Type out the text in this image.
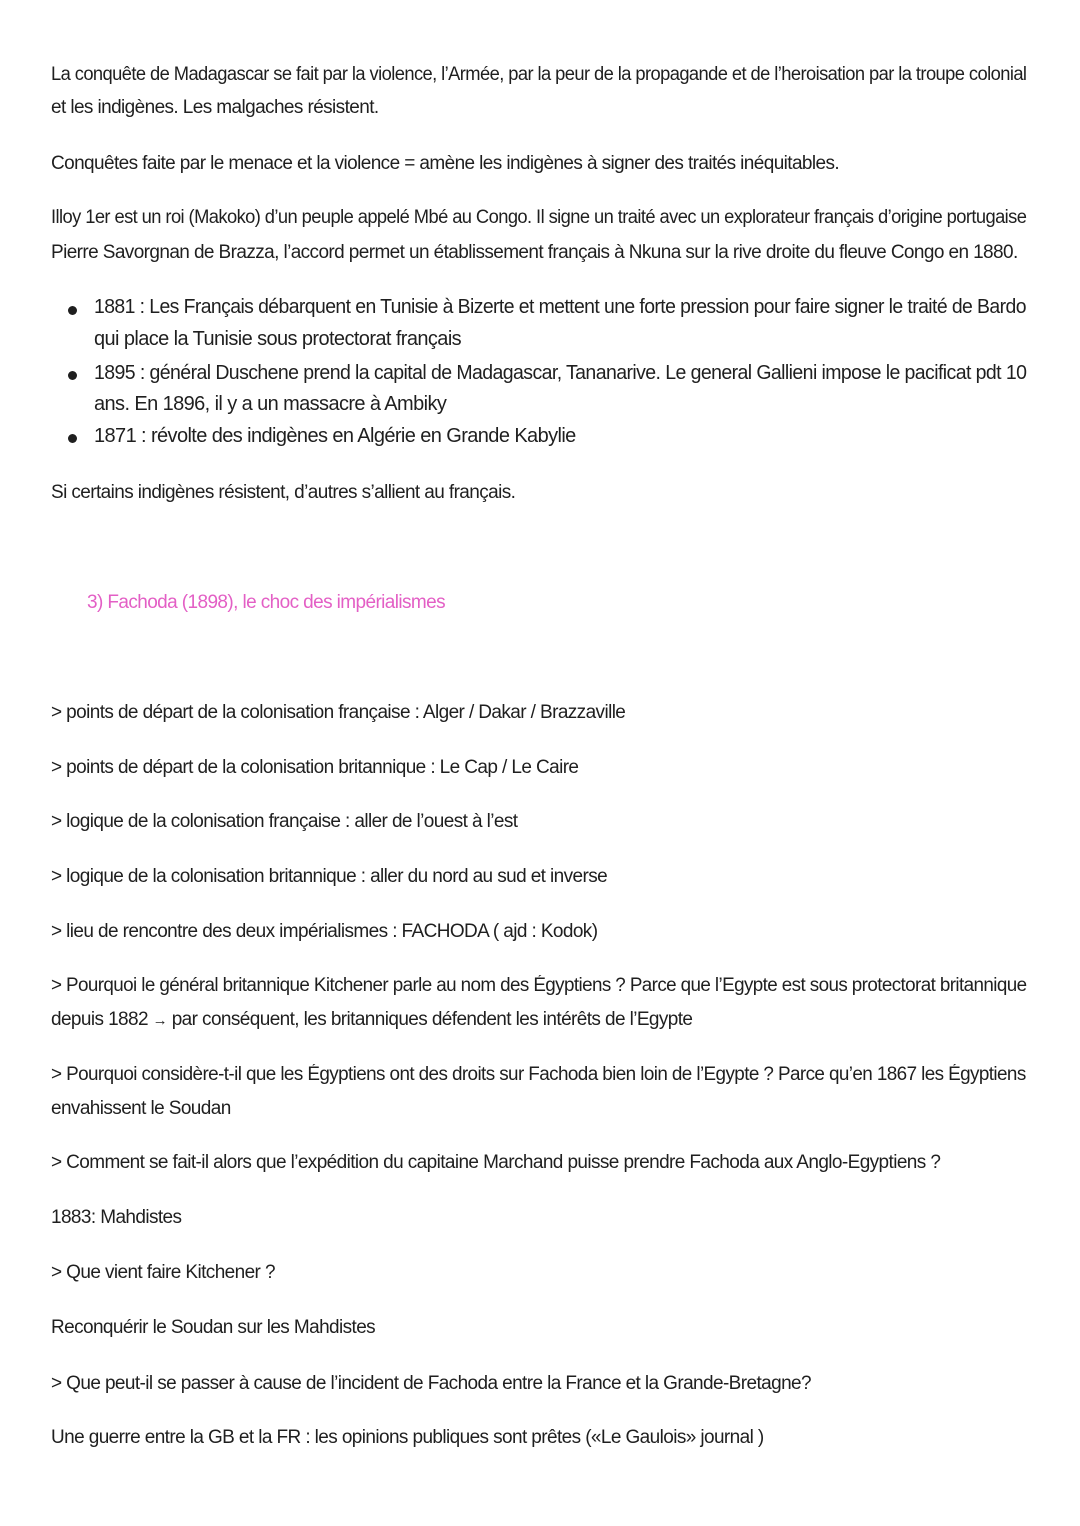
La conquête de Madagascar se fait par la violence, l’Armée, par la peur de la propagande et de l’heroisation par la troupe colonial
et les indigènes. Les malgaches résistent.
Conquêtes faite par le menace et la violence = amène les indigènes à signer des traités inéquitables.
Illoy 1er est un roi (Makoko) d’un peuple appelé Mbé au Congo. Il signe un traité avec un explorateur français d’origine portugaise
Pierre Savorgnan de Brazza, l’accord permet un établissement français à Nkuna sur la rive droite du fleuve Congo en 1880.
1881 : Les Français débarquent en Tunisie à Bizerte et mettent une forte pression pour faire signer le traité de Bardo
qui place la Tunisie sous protectorat français
1895 : général Duschene prend la capital de Madagascar, Tananarive. Le general Gallieni impose le pacificat pdt 10
ans. En 1896, il y a un massacre à Ambiky
1871 : révolte des indigènes en Algérie en Grande Kabylie
Si certains indigènes résistent, d’autres s’allient au français.
3) Fachoda (1898), le choc des impérialismes
> points de départ de la colonisation française : Alger / Dakar / Brazzaville
> points de départ de la colonisation britannique : Le Cap / Le Caire
> logique de la colonisation française : aller de l’ouest à l’est
> logique de la colonisation britannique : aller du nord au sud et inverse
> lieu de rencontre des deux impérialismes : FACHODA ( ajd : Kodok)
> Pourquoi le général britannique Kitchener parle au nom des Égyptiens ? Parce que l’Egypte est sous protectorat britannique
depuis 1882 → par conséquent, les britanniques défendent les intérêts de l’Egypte
> Pourquoi considère-t-il que les Égyptiens ont des droits sur Fachoda bien loin de l’Egypte ? Parce qu’en 1867 les Égyptiens
envahissent le Soudan
> Comment se fait-il alors que l’expédition du capitaine Marchand puisse prendre Fachoda aux Anglo-Egyptiens ?
1883: Mahdistes
> Que vient faire Kitchener ?
Reconquérir le Soudan sur les Mahdistes
> Que peut-il se passer à cause de l’incident de Fachoda entre la France et la Grande-Bretagne?
Une guerre entre la GB et la FR : les opinions publiques sont prêtes («Le Gaulois» journal )
